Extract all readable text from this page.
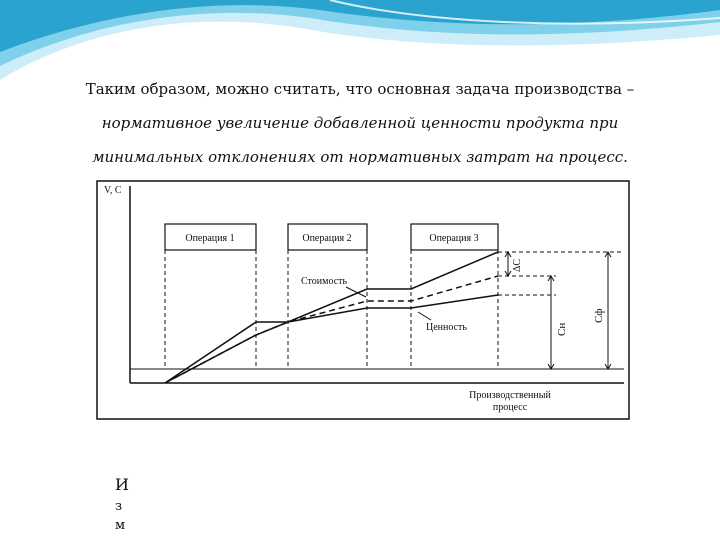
Таким образом, можно считать, что основная задача производства –
нормативное увеличение добавленной ценности продукта при
минимальных отклонениях от нормативных затрат на процесс.
V, C
Операция 1	Операция 2	Операция 3
Стоимость
Ценность
ΔC
Cн
Cф
Производственный
процесс
И
з
м
